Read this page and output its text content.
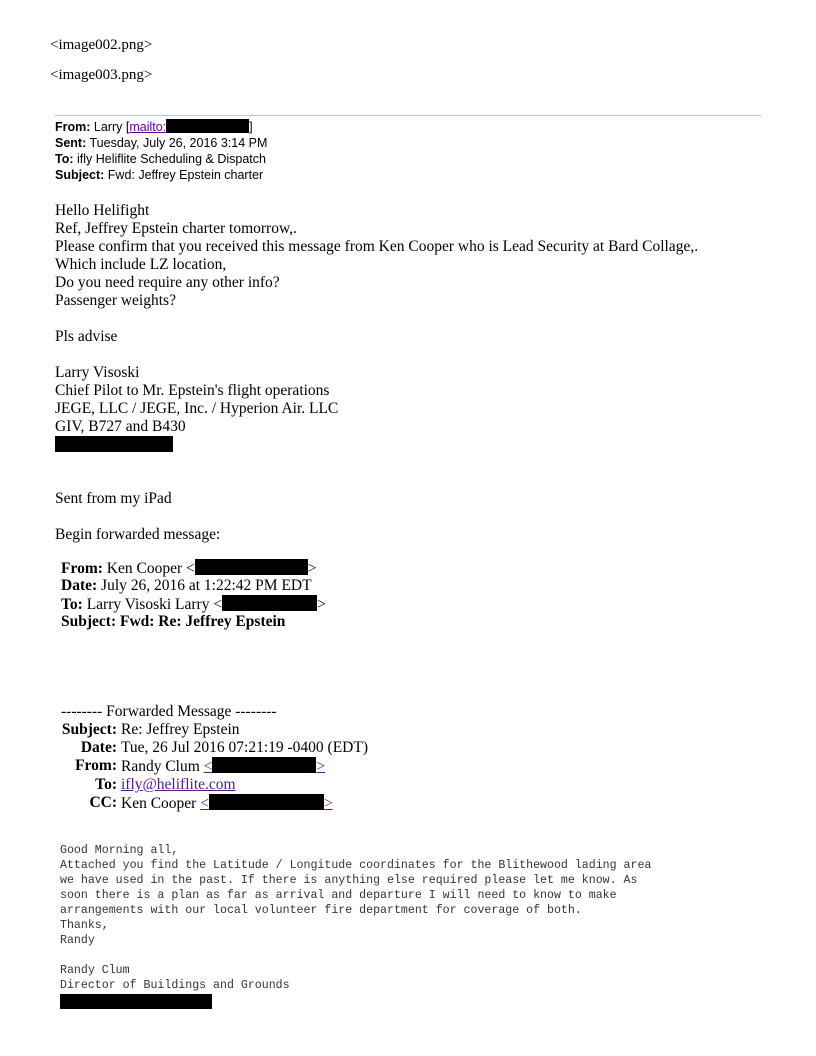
<image002.png>
<image003.png>
From: Larry [mailto:	]
Sent: Tuesday, July 26, 2016 3:14 PM
To: ifly Heliflite Scheduling & Dispatch
Subject: Fwd: Jeffrey Epstein charter
Hello Helifight
Ref, Jeffrey Epstein charter tomorrow,.
Please confirm that you received this message from Ken Cooper who is Lead Security at Bard Collage,.
Which include LZ location,
Do you need require any other info?
Passenger weights?
Pls advise
Larry Visoski
Chief Pilot to Mr. Epstein's flight operations
JEGE, LLC / JEGE, Inc. / Hyperion Air. LLC
GIV, B727 and B430
Sent from my iPad
Begin forwarded message:
From: Ken Cooper <	>
Date: July 26, 2016 at 1:22:42 PM EDT
To: Larry Visoski Larry <	>
Subject: Fwd: Re: Jeffrey Epstein
-------- Forwarded Message --------
Subject: Re: Jeffrey Epstein
Date: Tue, 26 Jul 2016 07:21:19 -0400 (EDT)
From: Randy Clum <	>
To: ifly@heliflite.com
CC: Ken Cooper <	>
Good Morning all,
Attached you find the Latitude / Longitude coordinates for the Blithewood lading area
we have used in the past. If there is anything else required please let me know. As
soon there is a plan as far as arrival and departure I will need to know to make
arrangements with our local volunteer fire department for coverage of both.
Thanks,
Randy
Randy Clum
Director of Buildings and Grounds
